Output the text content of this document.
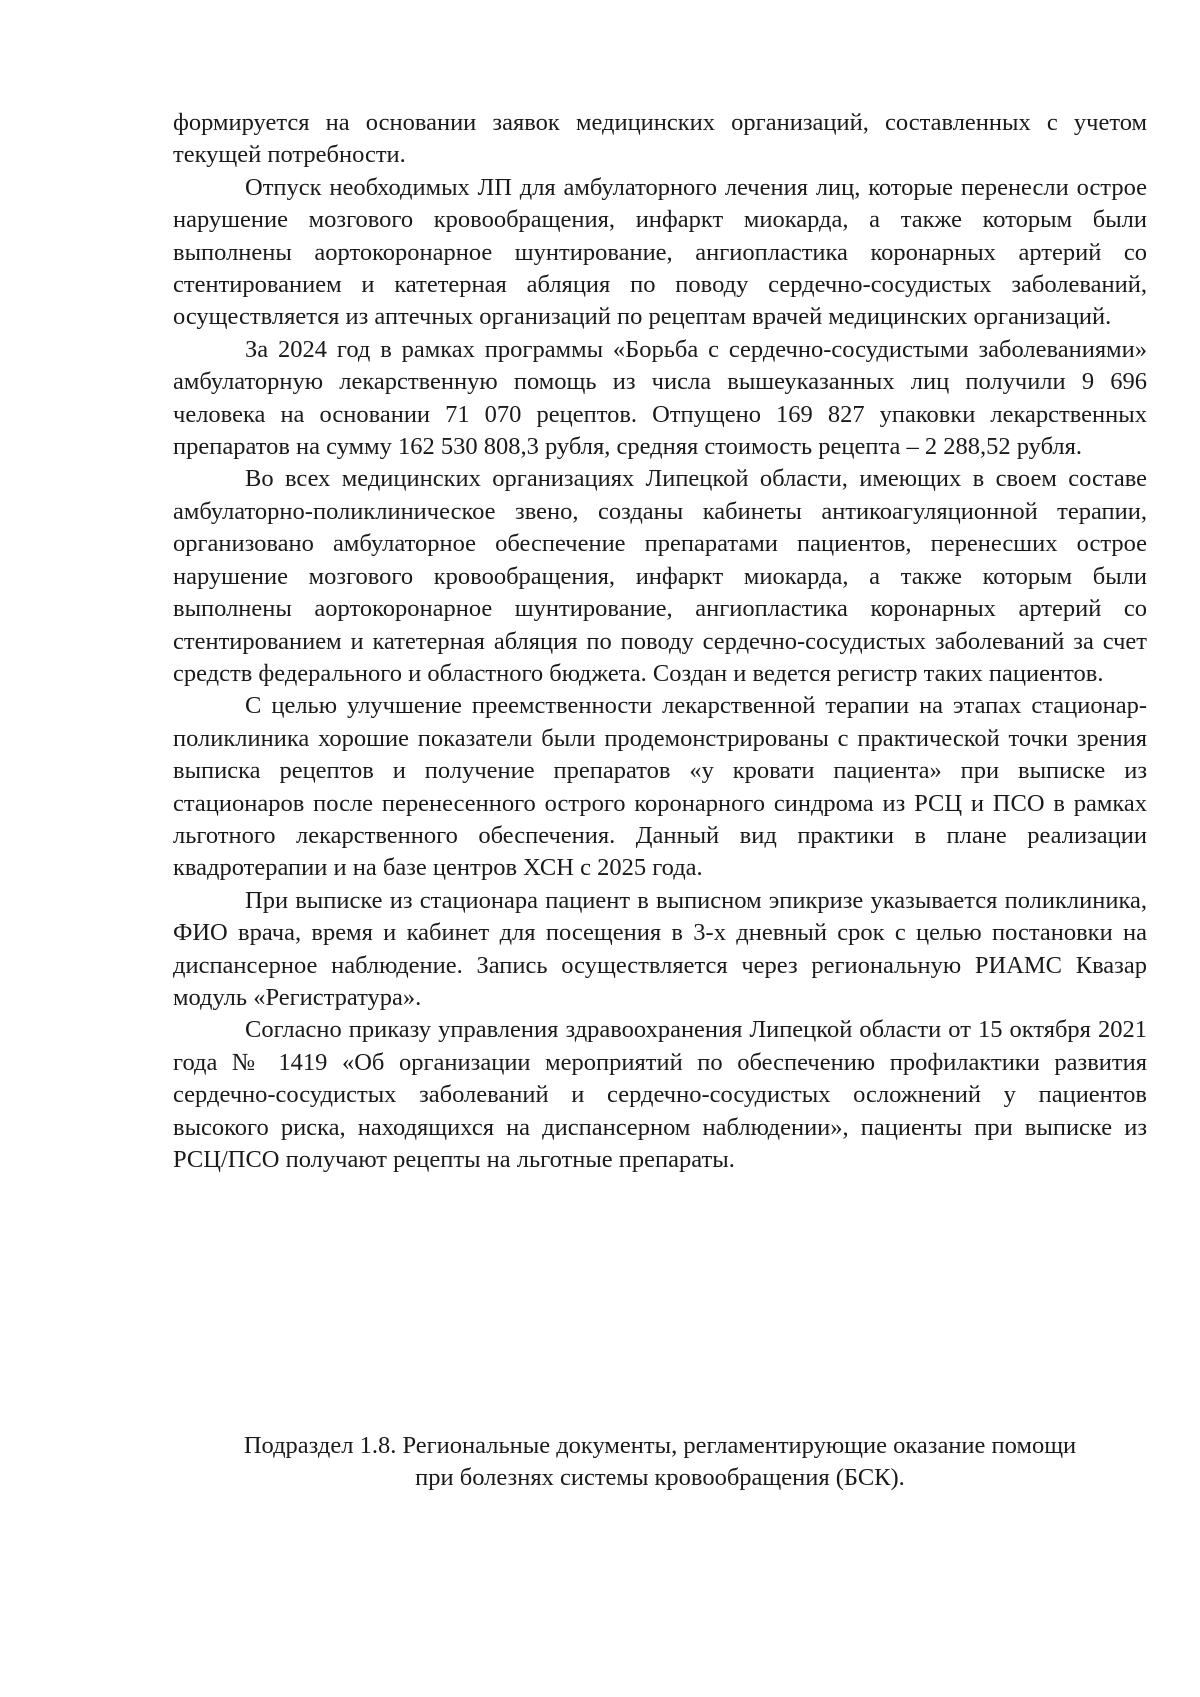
формируется на основании заявок медицинских организаций, составленных с учетом текущей потребности.

Отпуск необходимых ЛП для амбулаторного лечения лиц, которые перенесли острое нарушение мозгового кровообращения, инфаркт миокарда, а также которым были выполнены аортокоронарное шунтирование, ангиопластика коронарных артерий со стентированием и катетерная абляция по поводу сердечно-сосудистых заболеваний, осуществляется из аптечных организаций по рецептам врачей медицинских организаций.

За 2024 год в рамках программы «Борьба с сердечно-сосудистыми заболеваниями» амбулаторную лекарственную помощь из числа вышеуказанных лиц получили 9 696 человека на основании 71 070 рецептов. Отпущено 169 827 упаковки лекарственных препаратов на сумму 162 530 808,3 рубля, средняя стоимость рецепта – 2 288,52 рубля.

Во всех медицинских организациях Липецкой области, имеющих в своем составе амбулаторно-поликлиническое звено, созданы кабинеты антикоагуляционной терапии, организовано амбулаторное обеспечение препаратами пациентов, перенесших острое нарушение мозгового кровообращения, инфаркт миокарда, а также которым были выполнены аортокоронарное шунтирование, ангиопластика коронарных артерий со стентированием и катетерная абляция по поводу сердечно-сосудистых заболеваний за счет средств федерального и областного бюджета. Создан и ведется регистр таких пациентов.

С целью улучшение преемственности лекарственной терапии на этапах стационар-поликлиника хорошие показатели были продемонстрированы с практической точки зрения выписка рецептов и получение препаратов «у кровати пациента» при выписке из стационаров после перенесенного острого коронарного синдрома из РСЦ и ПСО в рамках льготного лекарственного обеспечения. Данный вид практики в плане реализации квадротерапии и на базе центров ХСН с 2025 года.

При выписке из стационара пациент в выписном эпикризе указывается поликлиника, ФИО врача, время и кабинет для посещения в 3-х дневный срок с целью постановки на диспансерное наблюдение. Запись осуществляется через региональную РИАМС Квазар модуль «Регистратура».

Согласно приказу управления здравоохранения Липецкой области от 15 октября 2021 года № 1419 «Об организации мероприятий по обеспечению профилактики развития сердечно-сосудистых заболеваний и сердечно-сосудистых осложнений у пациентов высокого риска, находящихся на диспансерном наблюдении», пациенты при выписке из РСЦ/ПСО получают рецепты на льготные препараты.

Подраздел 1.8. Региональные документы, регламентирующие оказание помощи
при болезнях системы кровообращения (БСК).
